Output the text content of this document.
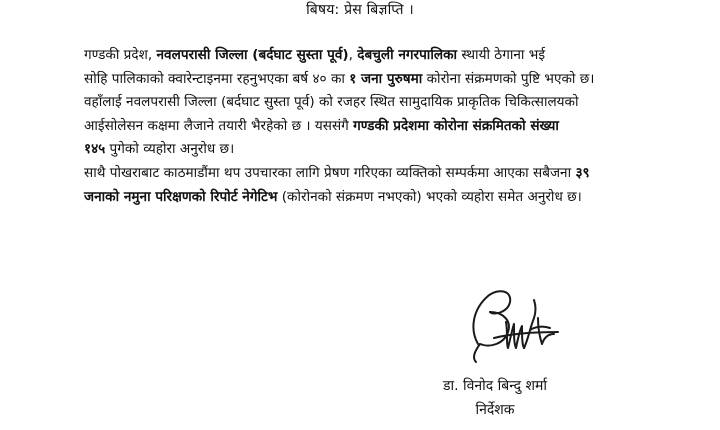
बिषय: प्रेस बिज्ञप्ति ।

गण्डकी प्रदेश, नवलपरासी जिल्ला (बर्दघाट सुस्ता पूर्व), देबचुली नगरपालिका स्थायी ठेगाना भई
सोहि पालिकाको क्वारेन्टाइनमा रहनुभएका बर्ष ४० का १ जना पुरुषमा कोरोना संक्रमणको पुष्टि भएको छ।
वहाँलाई नवलपरासी जिल्ला (बर्दघाट सुस्ता पूर्व) को रजहर स्थित सामुदायिक प्राकृतिक चिकित्सालयको
आईसोलेसन कक्षमा लैजाने तयारी भैरहेको छ । यससंगै गण्डकी प्रदेशमा कोरोना संक्रमितको संख्या
१४५ पुगेको व्यहोरा अनुरोध छ।

साथै पोखराबाट काठमाडौंमा थप उपचारका लागि प्रेषण गरिएका व्यक्तिको सम्पर्कमा आएका सबैजना ३९
जनाको नमुना परिक्षणको रिपोर्ट नेगेटिभ (कोरोनको संक्रमण नभएको) भएको व्यहोरा समेत अनुरोध छ।

डा. विनोद बिन्दु शर्मा
निर्देशक
